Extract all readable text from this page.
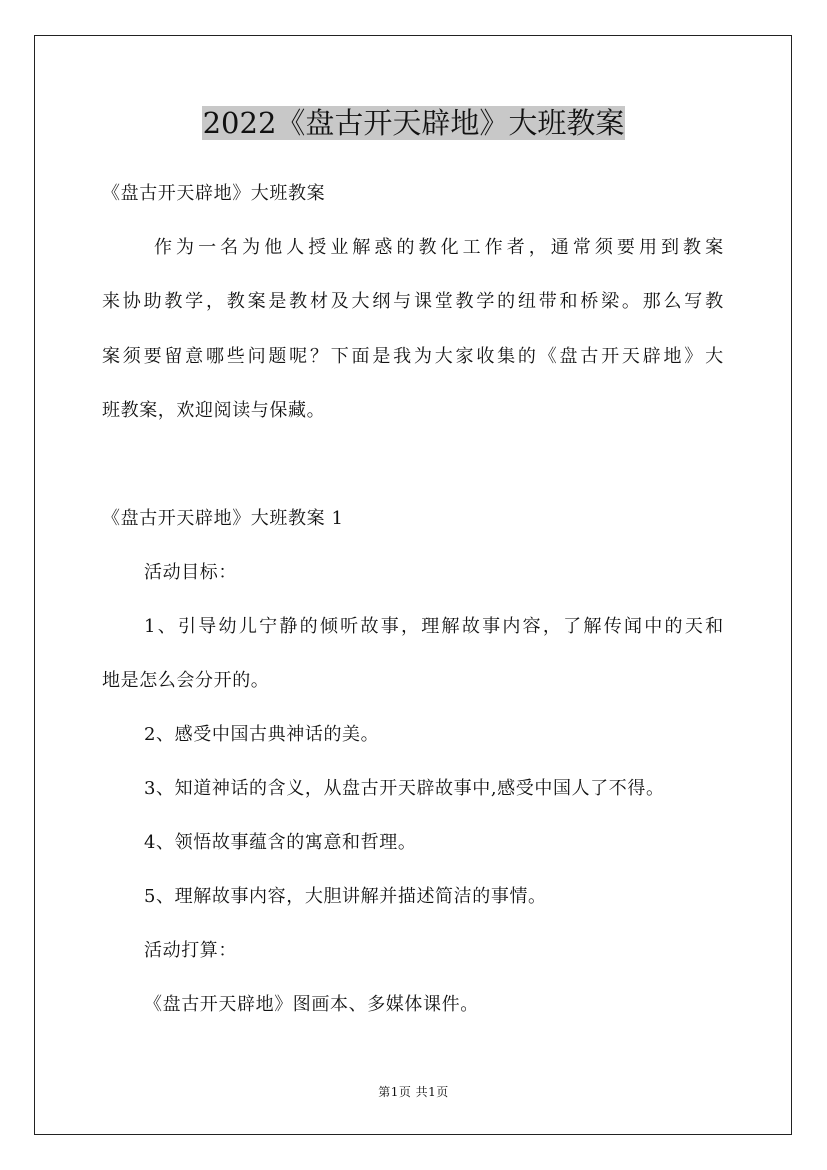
2022《盘古开天辟地》大班教案

《盘古开天辟地》大班教案

作为一名为他人授业解惑的教化工作者，通常须要用到教案

来协助教学，教案是教材及大纲与课堂教学的纽带和桥梁。那么写教

案须要留意哪些问题呢？下面是我为大家收集的《盘古开天辟地》大

班教案，欢迎阅读与保藏。

《盘古开天辟地》大班教案 1

活动目标：

1、引导幼儿宁静的倾听故事，理解故事内容，了解传闻中的天和

地是怎么会分开的。

2、感受中国古典神话的美。

3、知道神话的含义，从盘古开天辟故事中,感受中国人了不得。

4、领悟故事蕴含的寓意和哲理。

5、理解故事内容，大胆讲解并描述简洁的事情。

活动打算：

《盘古开天辟地》图画本、多媒体课件。

第1页 共1页
